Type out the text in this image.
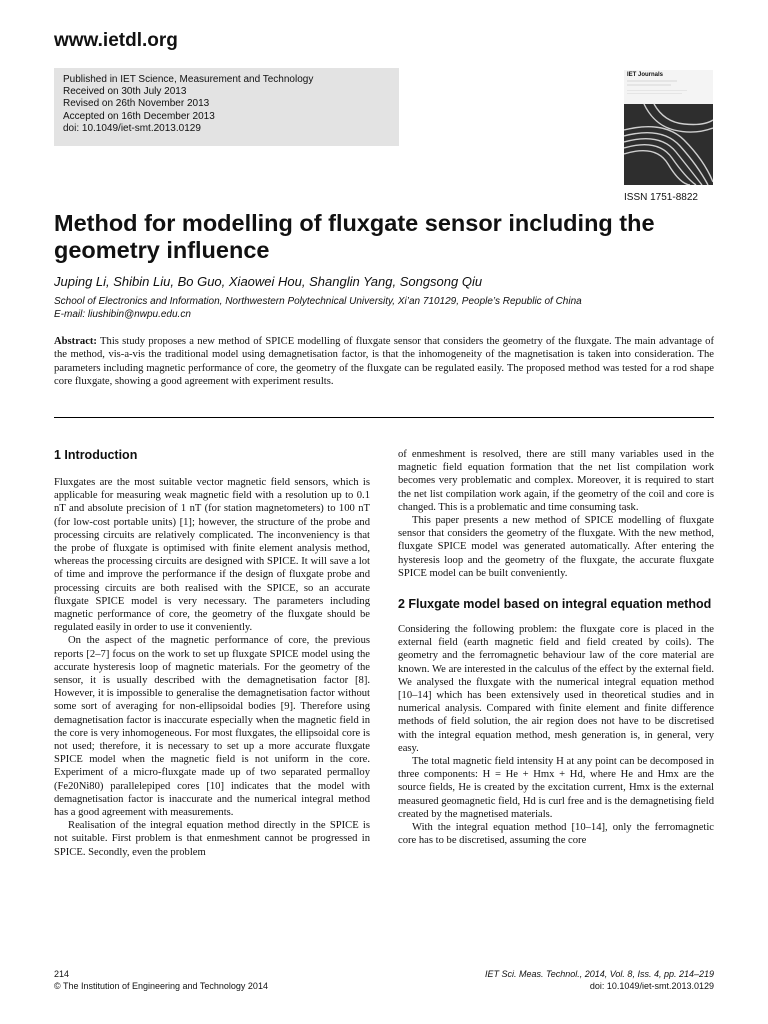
www.ietdl.org
Published in IET Science, Measurement and Technology
Received on 30th July 2013
Revised on 26th November 2013
Accepted on 16th December 2013
doi: 10.1049/iet-smt.2013.0129
IET Journals
ISSN 1751-8822
Method for modelling of fluxgate sensor including the geometry influence
Juping Li, Shibin Liu, Bo Guo, Xiaowei Hou, Shanglin Yang, Songsong Qiu
School of Electronics and Information, Northwestern Polytechnical University, Xi’an 710129, People’s Republic of China
E-mail: liushibin@nwpu.edu.cn
Abstract: This study proposes a new method of SPICE modelling of fluxgate sensor that considers the geometry of the fluxgate. The main advantage of the method, vis-a-vis the traditional model using demagnetisation factor, is that the inhomogeneity of the magnetisation is taken into consideration. The parameters including magnetic performance of core, the geometry of the fluxgate can be regulated easily. The proposed method was tested for a rod shape core fluxgate, showing a good agreement with experiment results.
1 Introduction

Fluxgates are the most suitable vector magnetic field sensors, which is applicable for measuring weak magnetic field with a resolution up to 0.1 nT and absolute precision of 1 nT (for station magnetometers) to 100 nT (for low-cost portable units) [1]; however, the structure of the probe and processing circuits are relatively complicated. The inconveniency is that the probe of fluxgate is optimised with finite element analysis method, whereas the processing circuits are designed with SPICE. It will save a lot of time and improve the performance if the design of fluxgate probe and processing circuits are both realised with the SPICE, so an accurate fluxgate SPICE model is very necessary. The parameters including magnetic performance of core, the geometry of the fluxgate should be regulated easily in order to use it conveniently.

On the aspect of the magnetic performance of core, the previous reports [2–7] focus on the work to set up fluxgate SPICE model using the accurate hysteresis loop of magnetic materials. For the geometry of the sensor, it is usually described with the demagnetisation factor [8]. However, it is impossible to generalise the demagnetisation factor without some sort of averaging for non-ellipsoidal bodies [9]. Therefore using demagnetisation factor is inaccurate especially when the magnetic field in the core is very inhomogeneous. For most fluxgates, the ellipsoidal core is not used; therefore, it is necessary to set up a more accurate fluxgate SPICE model when the magnetic field is not uniform in the core. Experiment of a micro-fluxgate made up of two separated permalloy (Fe20Ni80) parallelepiped cores [10] indicates that the model with demagnetisation factor is inaccurate and the numerical integral method has a good agreement with measurements.

Realisation of the integral equation method directly in the SPICE is not suitable. First problem is that enmeshment cannot be progressed in SPICE. Secondly, even the problem

of enmeshment is resolved, there are still many variables used in the magnetic field equation formation that the net list compilation work becomes very problematic and complex. Moreover, it is required to start the net list compilation work again, if the geometry of the coil and core is changed. This is a problematic and time consuming task.

This paper presents a new method of SPICE modelling of fluxgate sensor that considers the geometry of the fluxgate. With the new method, fluxgate SPICE model was generated automatically. After entering the hysteresis loop and the geometry of the fluxgate, the accurate fluxgate SPICE model can be built conveniently.

2 Fluxgate model based on integral equation method

Considering the following problem: the fluxgate core is placed in the external field (earth magnetic field and field created by coils). The geometry and the ferromagnetic behaviour law of the core material are known. We are interested in the calculus of the effect by the external field. We analysed the fluxgate with the numerical integral equation method [10–14] which has been extensively used in theoretical studies and in numerical analysis. Compared with finite element and finite difference methods of field solution, the air region does not have to be discretised with the integral equation method, mesh generation is, in general, very easy.

The total magnetic field intensity H at any point can be decomposed in three components: H = He + Hmx + Hd, where He and Hmx are the source fields, He is created by the excitation current, Hmx is the external measured geomagnetic field, Hd is curl free and is the demagnetising field created by the magnetised materials.

With the integral equation method [10–14], only the ferromagnetic core has to be discretised, assuming the core

214
© The Institution of Engineering and Technology 2014
IET Sci. Meas. Technol., 2014, Vol. 8, Iss. 4, pp. 214–219
doi: 10.1049/iet-smt.2013.0129
